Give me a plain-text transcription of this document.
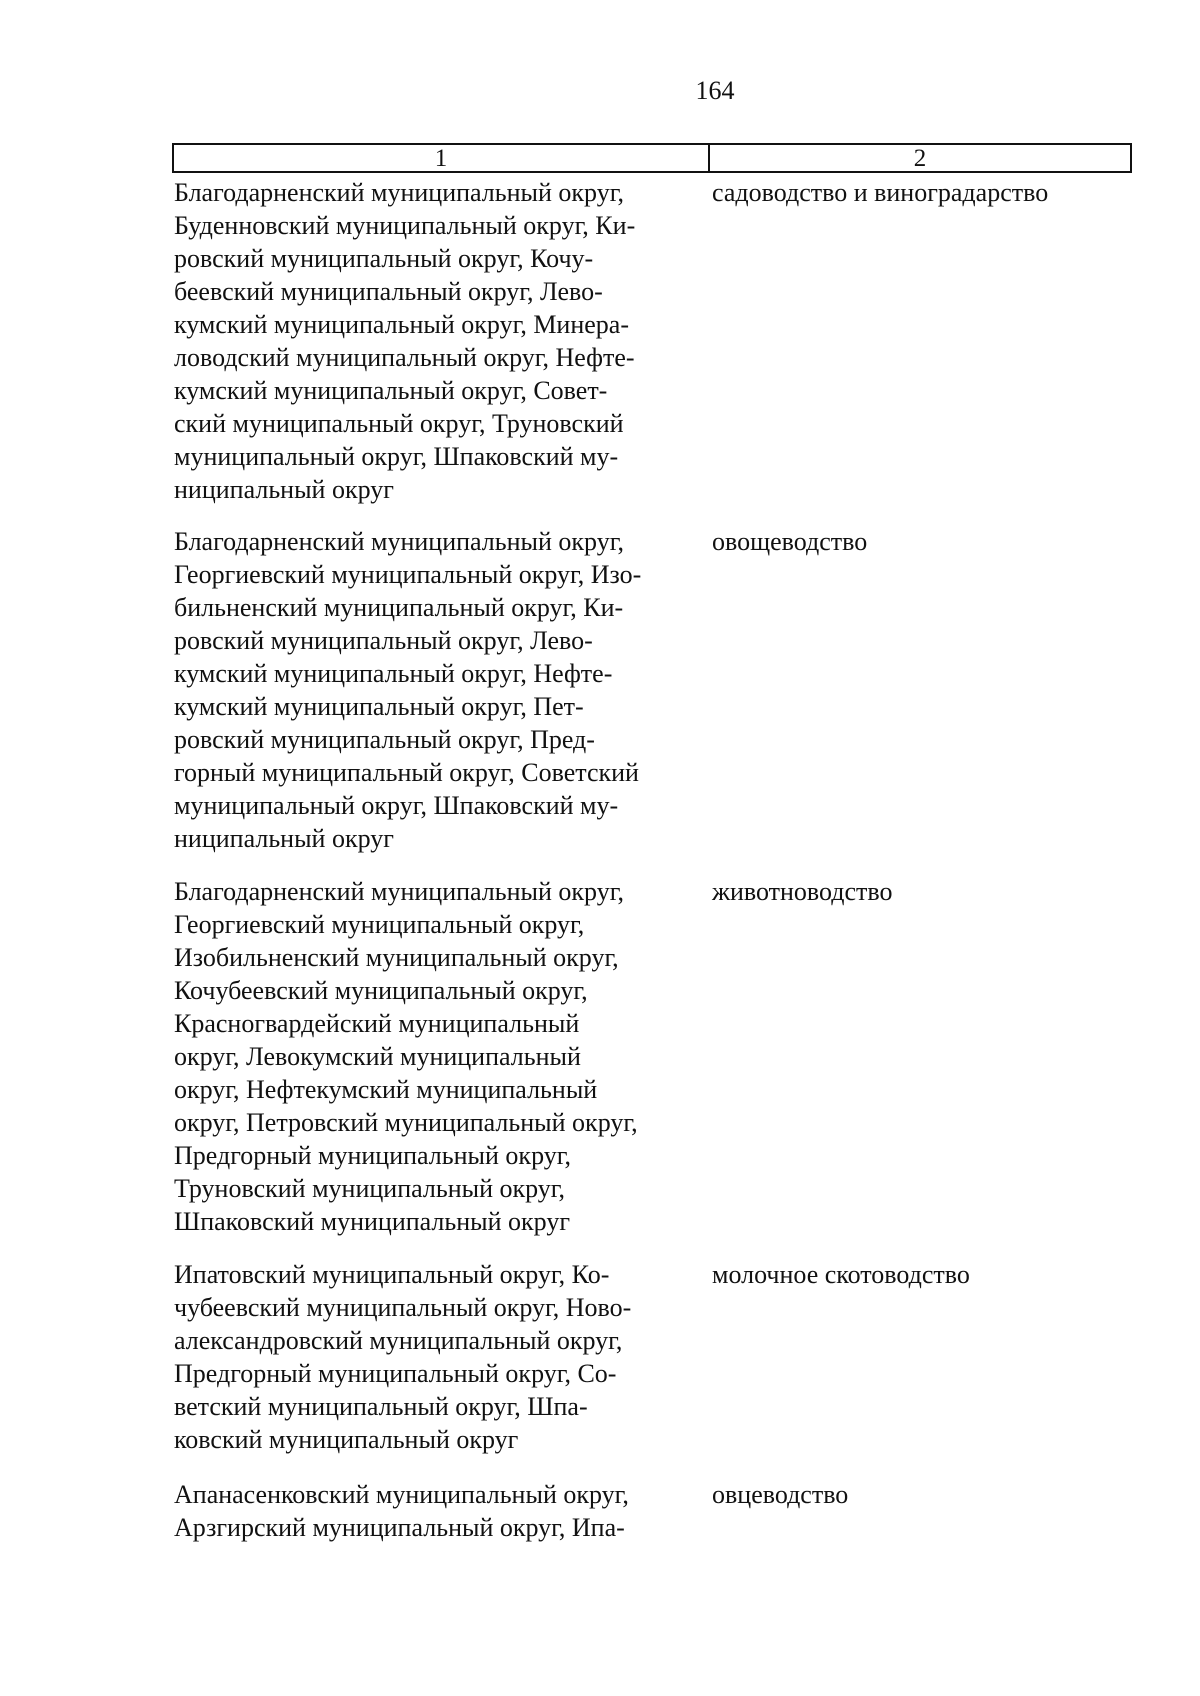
164
1	2
Благодарненский муниципальный округ,
Буденновский муниципальный округ, Ки-
ровский муниципальный округ, Кочу-
беевский муниципальный округ, Лево-
кумский муниципальный округ, Минера-
ловодский муниципальный округ, Нефте-
кумский муниципальный округ, Совет-
ский муниципальный округ, Труновский
муниципальный округ, Шпаковский му-
ниципальный округ
садоводство и виноградарство
Благодарненский муниципальный округ,
Георгиевский муниципальный округ, Изо-
бильненский муниципальный округ, Ки-
ровский муниципальный округ, Лево-
кумский муниципальный округ, Нефте-
кумский муниципальный округ, Пет-
ровский муниципальный округ, Пред-
горный муниципальный округ, Советский
муниципальный округ, Шпаковский му-
ниципальный округ
овощеводство
Благодарненский муниципальный округ,
Георгиевский муниципальный округ,
Изобильненский муниципальный округ,
Кочубеевский муниципальный округ,
Красногвардейский муниципальный
округ, Левокумский муниципальный
округ, Нефтекумский муниципальный
округ, Петровский муниципальный округ,
Предгорный муниципальный округ,
Труновский муниципальный округ,
Шпаковский муниципальный округ
животноводство
Ипатовский муниципальный округ, Ко-
чубеевский муниципальный округ, Ново-
александровский муниципальный округ,
Предгорный муниципальный округ, Со-
ветский муниципальный округ, Шпа-
ковский муниципальный округ
молочное скотоводство
Апанасенковский муниципальный округ,
Арзгирский муниципальный округ, Ипа-
овцеводство
